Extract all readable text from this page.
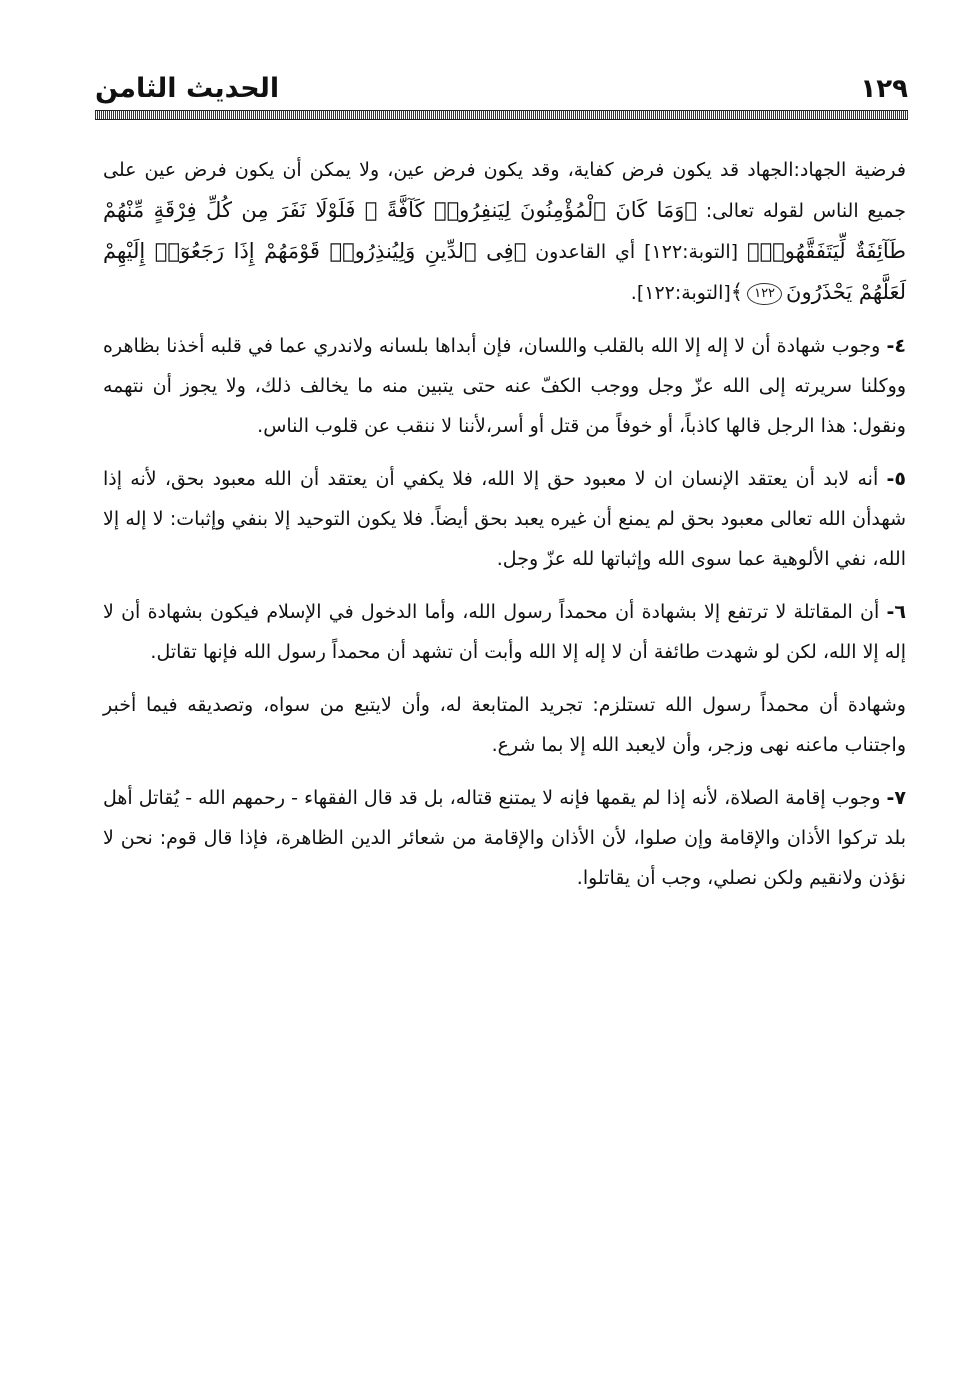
١٢٩
الحديث الثامن

فرضية الجهاد:الجهاد قد يكون فرض كفاية، وقد يكون فرض عين، ولا يمكن أن يكون فرض عين على جميع الناس لقوله تعالى: ﴿وَمَا كَانَ ٱلْمُؤْمِنُونَ لِيَنفِرُوا۟ كَآفَّةً ۚ فَلَوْلَا نَفَرَ مِن كُلِّ فِرْقَةٍ مِّنْهُمْ طَآئِفَةٌ لِّيَتَفَقَّهُوا۟﴾ [التوبة:١٢٢] أي القاعدون ﴿فِى ٱلدِّينِ وَلِيُنذِرُوا۟ قَوْمَهُمْ إِذَا رَجَعُوٓا۟ إِلَيْهِمْ لَعَلَّهُمْ يَحْذَرُونَ١٢٢﴾[التوبة:١٢٢].

٤- وجوب شهادة أن لا إله إلا الله بالقلب واللسان، فإن أبداها بلسانه ولاندري عما في قلبه أخذنا بظاهره ووكلنا سريرته إلى الله عزّ وجل ووجب الكفّ عنه حتى يتبين منه ما يخالف ذلك، ولا يجوز أن نتهمه ونقول: هذا الرجل قالها كاذباً، أو خوفاً من قتل أو أسر،لأننا لا ننقب عن قلوب الناس.

٥- أنه لابد أن يعتقد الإنسان ان لا معبود حق إلا الله، فلا يكفي أن يعتقد أن الله معبود بحق، لأنه إذا شهدأن الله تعالى معبود بحق لم يمنع أن غيره يعبد بحق أيضاً. فلا يكون التوحيد إلا بنفي وإثبات: لا إله إلا الله، نفي الألوهية عما سوى الله وإثباتها لله عزّ وجل.

٦- أن المقاتلة لا ترتفع إلا بشهادة أن محمداً رسول الله، وأما الدخول في الإسلام فيكون بشهادة أن لا إله إلا الله، لكن لو شهدت طائفة أن لا إله إلا الله وأبت أن تشهد أن محمداً رسول الله فإنها تقاتل.

وشهادة أن محمداً رسول الله تستلزم: تجريد المتابعة له، وأن لايتبع من سواه، وتصديقه فيما أخبر واجتناب ماعنه نهى وزجر، وأن لايعبد الله إلا بما شرع.

٧- وجوب إقامة الصلاة، لأنه إذا لم يقمها فإنه لا يمتنع قتاله، بل قد قال الفقهاء - رحمهم الله - يُقاتل أهل بلد تركوا الأذان والإقامة وإن صلوا، لأن الأذان والإقامة من شعائر الدين الظاهرة، فإذا قال قوم: نحن لا نؤذن ولانقيم ولكن نصلي، وجب أن يقاتلوا.
